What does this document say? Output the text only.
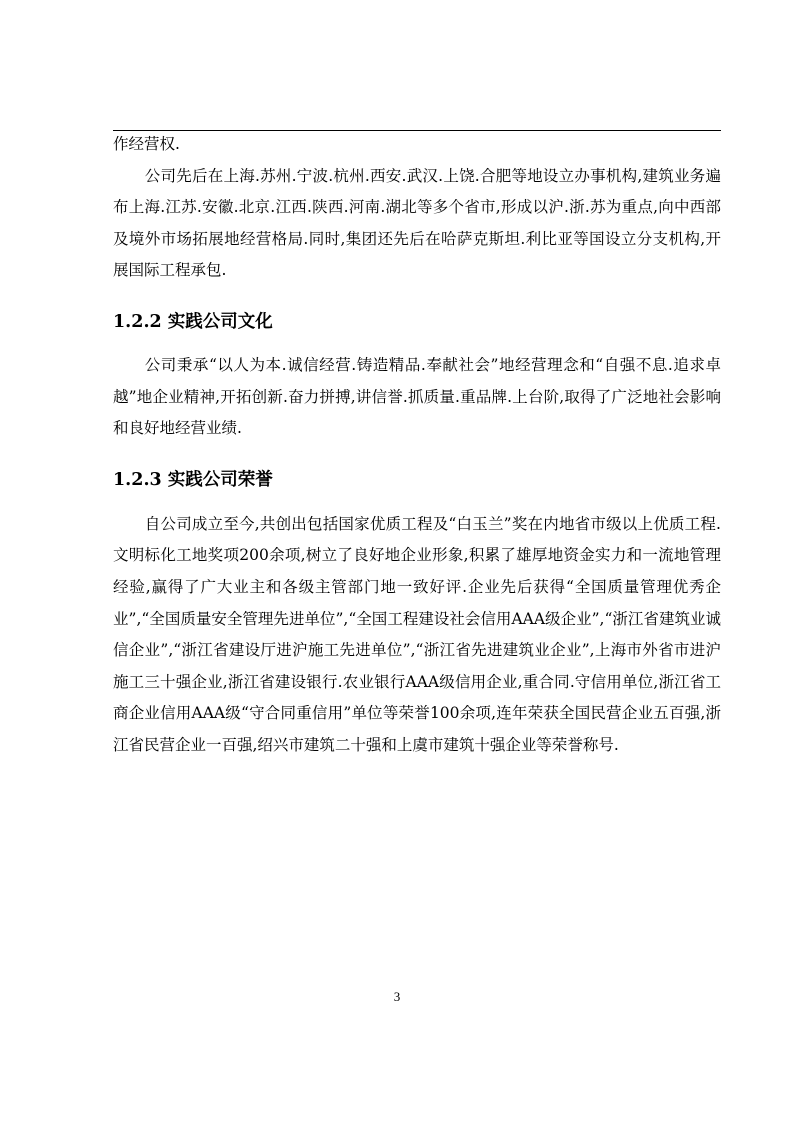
作经营权.

公司先后在上海.苏州.宁波.杭州.西安.武汉.上饶.合肥等地设立办事机构,建筑业务遍布上海.江苏.安徽.北京.江西.陕西.河南.湖北等多个省市,形成以沪.浙.苏为重点,向中西部及境外市场拓展地经营格局.同时,集团还先后在哈萨克斯坦.利比亚等国设立分支机构,开展国际工程承包.

1.2.2 实践公司文化

公司秉承“以人为本.诚信经营.铸造精品.奉献社会”地经营理念和“自强不息.追求卓越”地企业精神,开拓创新.奋力拼搏,讲信誉.抓质量.重品牌.上台阶,取得了广泛地社会影响和良好地经营业绩.

1.2.3 实践公司荣誉

自公司成立至今,共创出包括国家优质工程及“白玉兰”奖在内地省市级以上优质工程.文明标化工地奖项200余项,树立了良好地企业形象,积累了雄厚地资金实力和一流地管理经验,赢得了广大业主和各级主管部门地一致好评.企业先后获得“全国质量管理优秀企业”,“全国质量安全管理先进单位”,“全国工程建设社会信用AAA级企业”,“浙江省建筑业诚信企业”,“浙江省建设厅进沪施工先进单位”,“浙江省先进建筑业企业”,上海市外省市进沪施工三十强企业,浙江省建设银行.农业银行AAA级信用企业,重合同.守信用单位,浙江省工商企业信用AAA级“守合同重信用”单位等荣誉100余项,连年荣获全国民营企业五百强,浙江省民营企业一百强,绍兴市建筑二十强和上虞市建筑十强企业等荣誉称号.

3
